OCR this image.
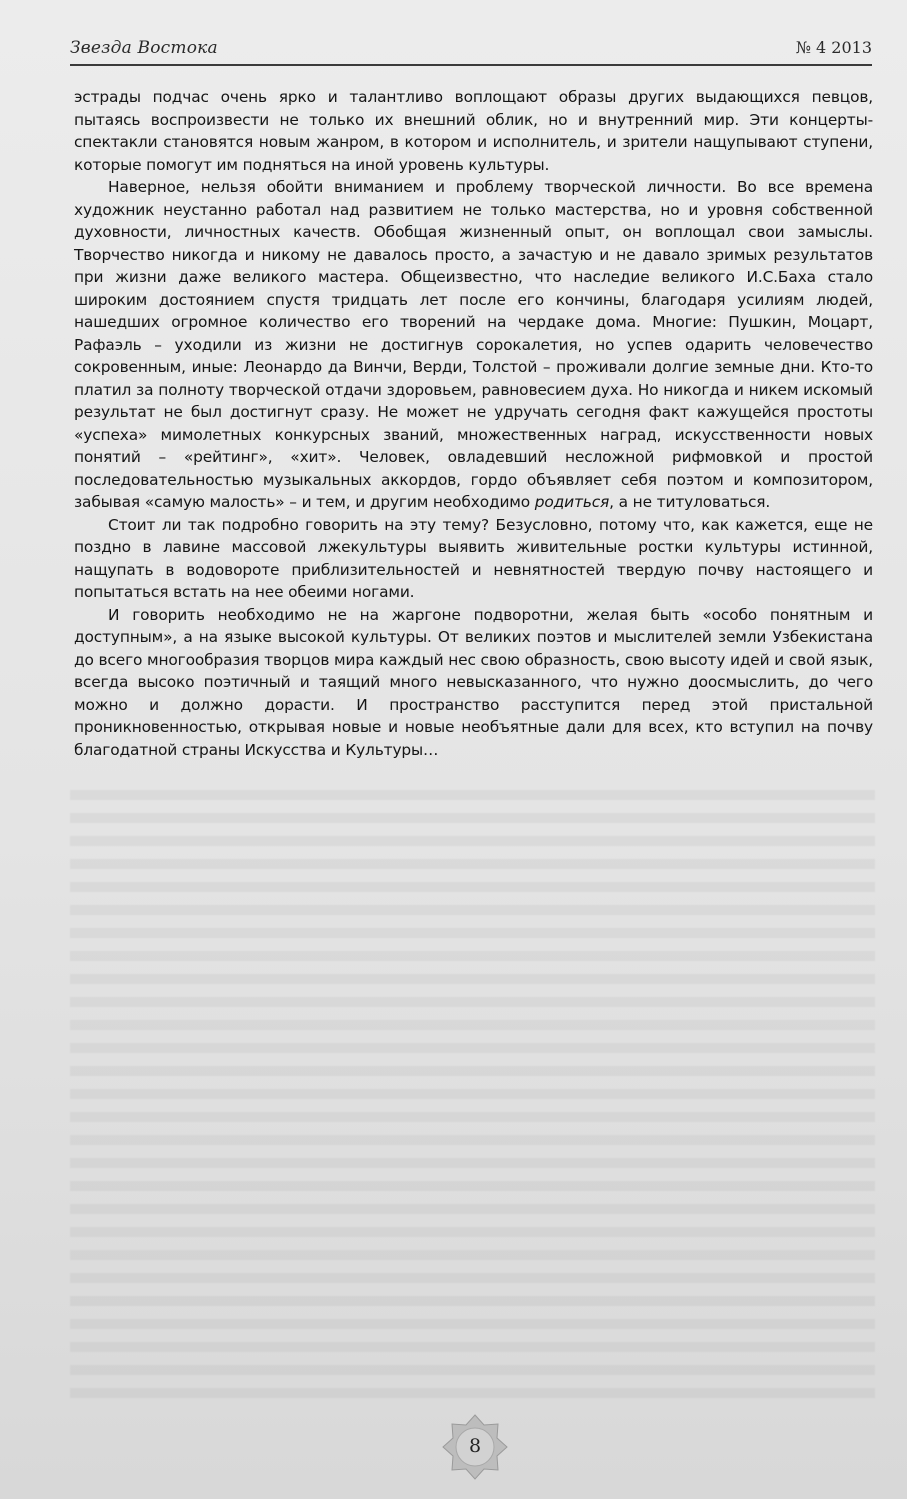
Звезда Востока	№ 4 2013

эстрады подчас очень ярко и талантливо воплощают образы других выдающихся певцов, пытаясь воспроизвести не только их внешний облик, но и внутренний мир. Эти концерты-спектакли становятся новым жанром, в котором и исполнитель, и зрители нащупывают ступени, которые помогут им подняться на иной уровень культуры.

Наверное, нельзя обойти вниманием и проблему творческой личности. Во все времена художник неустанно работал над развитием не только мастерства, но и уровня собственной духовности, личностных качеств. Обобщая жизненный опыт, он воплощал свои замыслы. Творчество никогда и никому не давалось просто, а зачастую и не давало зримых результатов при жизни даже великого мастера. Общеизвестно, что наследие великого И.С.Баха стало широким достоянием спустя тридцать лет после его кончины, благодаря усилиям людей, нашедших огромное количество его творений на чердаке дома. Многие: Пушкин, Моцарт, Рафаэль – уходили из жизни не достигнув сорокалетия, но успев одарить человечество сокровенным, иные: Леонардо да Винчи, Верди, Толстой – проживали долгие земные дни. Кто-то платил за полноту творческой отдачи здоровьем, равновесием духа. Но никогда и никем искомый результат не был достигнут сразу. Не может не удручать сегодня факт кажущейся простоты «успеха» мимолетных конкурсных званий, множественных наград, искусственности новых понятий – «рейтинг», «хит». Человек, овладевший несложной рифмовкой и простой последовательностью музыкальных аккордов, гордо объявляет себя поэтом и композитором, забывая «самую малость» – и тем, и другим необходимо родиться, а не титуловаться.

Стоит ли так подробно говорить на эту тему? Безусловно, потому что, как кажется, еще не поздно в лавине массовой лжекультуры выявить живительные ростки культуры истинной, нащупать в водовороте приблизительностей и невнятностей твердую почву настоящего и попытаться встать на нее обеими ногами.

И говорить необходимо не на жаргоне подворотни, желая быть «особо понятным и доступным», а на языке высокой культуры. От великих поэтов и мыслителей земли Узбекистана до всего многообразия творцов мира каждый нес свою образность, свою высоту идей и свой язык, всегда высоко поэтичный и таящий много невысказанного, что нужно доосмыслить, до чего можно и должно дорасти. И пространство расступится перед этой пристальной проникновенностью, открывая новые и новые необъятные дали для всех, кто вступил на почву благодатной страны Искусства и Культуры…

8
